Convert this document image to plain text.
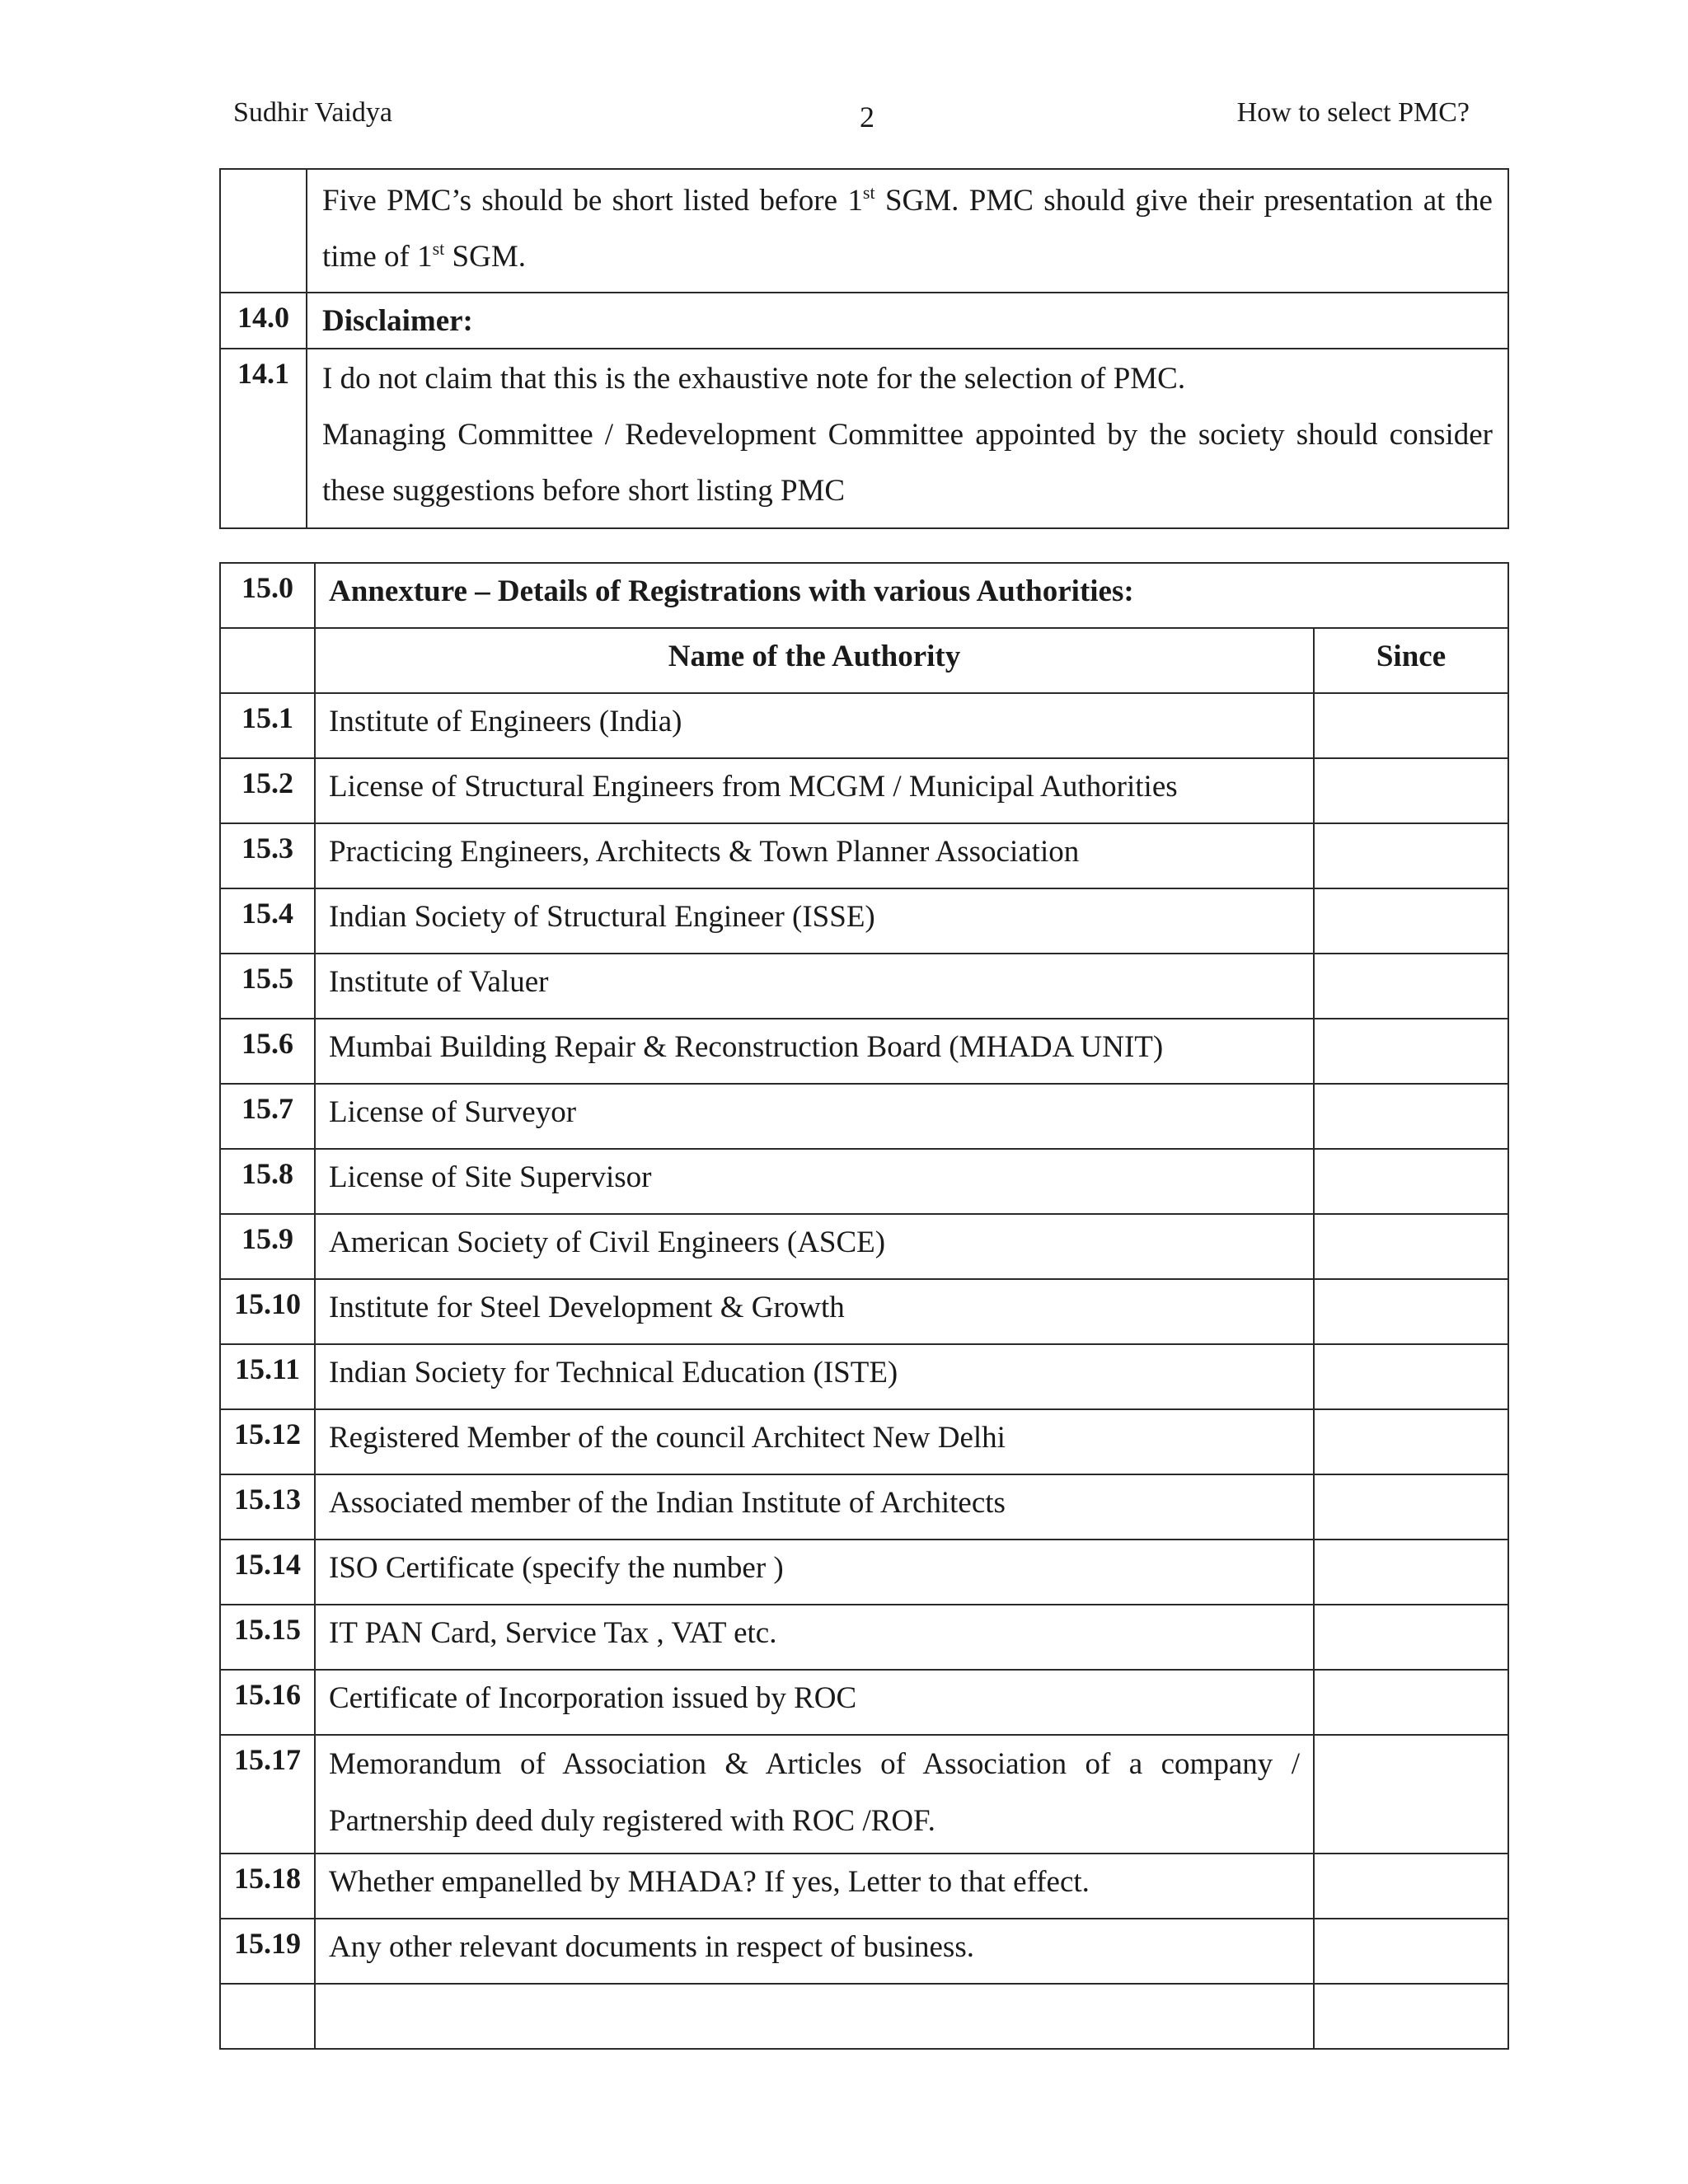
Sudhir Vaidya	2	How to select PMC?
	Five PMC’s should be short listed before 1st SGM. PMC should give their presentation at the time of 1st SGM.
14.0	Disclaimer:
14.1	I do not claim that this is the exhaustive note for the selection of PMC.
Managing Committee / Redevelopment Committee appointed by the society should consider these suggestions before short listing PMC
15.0	Annexture – Details of Registrations with various Authorities:	
	Name of the Authority	Since
15.1	Institute of Engineers (India)	
15.2	License of Structural Engineers from MCGM / Municipal Authorities	
15.3	Practicing Engineers, Architects & Town Planner Association	
15.4	Indian Society of Structural Engineer (ISSE)	
15.5	Institute of Valuer	
15.6	Mumbai Building Repair & Reconstruction Board (MHADA UNIT)	
15.7	License of Surveyor	
15.8	License of Site Supervisor	
15.9	American Society of Civil Engineers (ASCE)	
15.10	Institute for Steel Development & Growth	
15.11	Indian Society for Technical Education (ISTE)	
15.12	Registered Member of the council Architect New Delhi	
15.13	Associated member of the Indian Institute of Architects	
15.14	ISO Certificate (specify the number )	
15.15	IT PAN Card, Service Tax , VAT etc.	
15.16	Certificate of Incorporation issued by ROC	
15.17	Memorandum of Association & Articles of Association of a company / Partnership deed duly registered with ROC /ROF.	
15.18	Whether empanelled by MHADA? If yes, Letter to that effect.	
15.19	Any other relevant documents in respect of business.	
